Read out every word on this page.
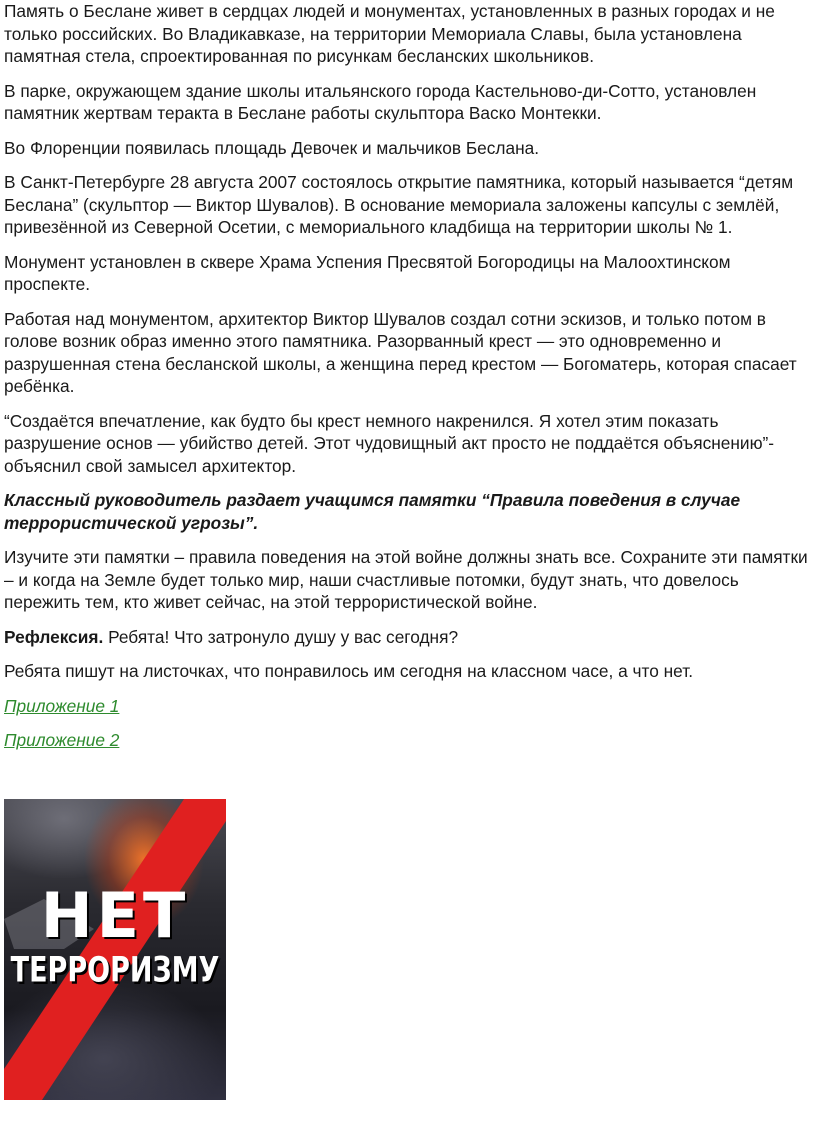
Память о Беслане живет в сердцах людей и монументах, установленных в разных городах и не только российских. Во Владикавказе, на территории Мемориала Славы, была установлена памятная стела, спроектированная по рисункам бесланских школьников.

В парке, окружающем здание школы итальянского города Кастельново-ди-Сотто, установлен памятник жертвам теракта в Беслане работы скульптора Васко Монтекки.

Во Флоренции появилась площадь Девочек и мальчиков Беслана.

В Санкт-Петербурге 28 августа 2007 состоялось открытие памятника, который называется “детям Беслана” (скульптор — Виктор Шувалов). В основание мемориала заложены капсулы с землёй, привезённой из Северной Осетии, с мемориального кладбища на территории школы № 1.

Монумент установлен в сквере Храма Успения Пресвятой Богородицы на Малоохтинском проспекте.

Работая над монументом, архитектор Виктор Шувалов создал сотни эскизов, и только потом в голове возник образ именно этого памятника. Разорванный крест — это одновременно и разрушенная стена бесланской школы, а женщина перед крестом — Богоматерь, которая спасает ребёнка.

“Создаётся впечатление, как будто бы крест немного накренился. Я хотел этим показать разрушение основ — убийство детей. Этот чудовищный акт просто не поддаётся объяснению”- объяснил свой замысел архитектор.

Классный руководитель раздает учащимся памятки “Правила поведения в случае террористической угрозы”.

Изучите эти памятки – правила поведения на этой войне должны знать все. Сохраните эти памятки – и когда на Земле будет только мир, наши счастливые потомки, будут знать, что довелось пережить тем, кто живет сейчас, на этой террористической войне.

Рефлексия. Ребята! Что затронуло душу у вас сегодня?

Ребята пишут на листочках, что понравилось им сегодня на классном часе, а что нет.

Приложение 1
Приложение 2
НЕТ
ТЕРРОРИЗМУ
